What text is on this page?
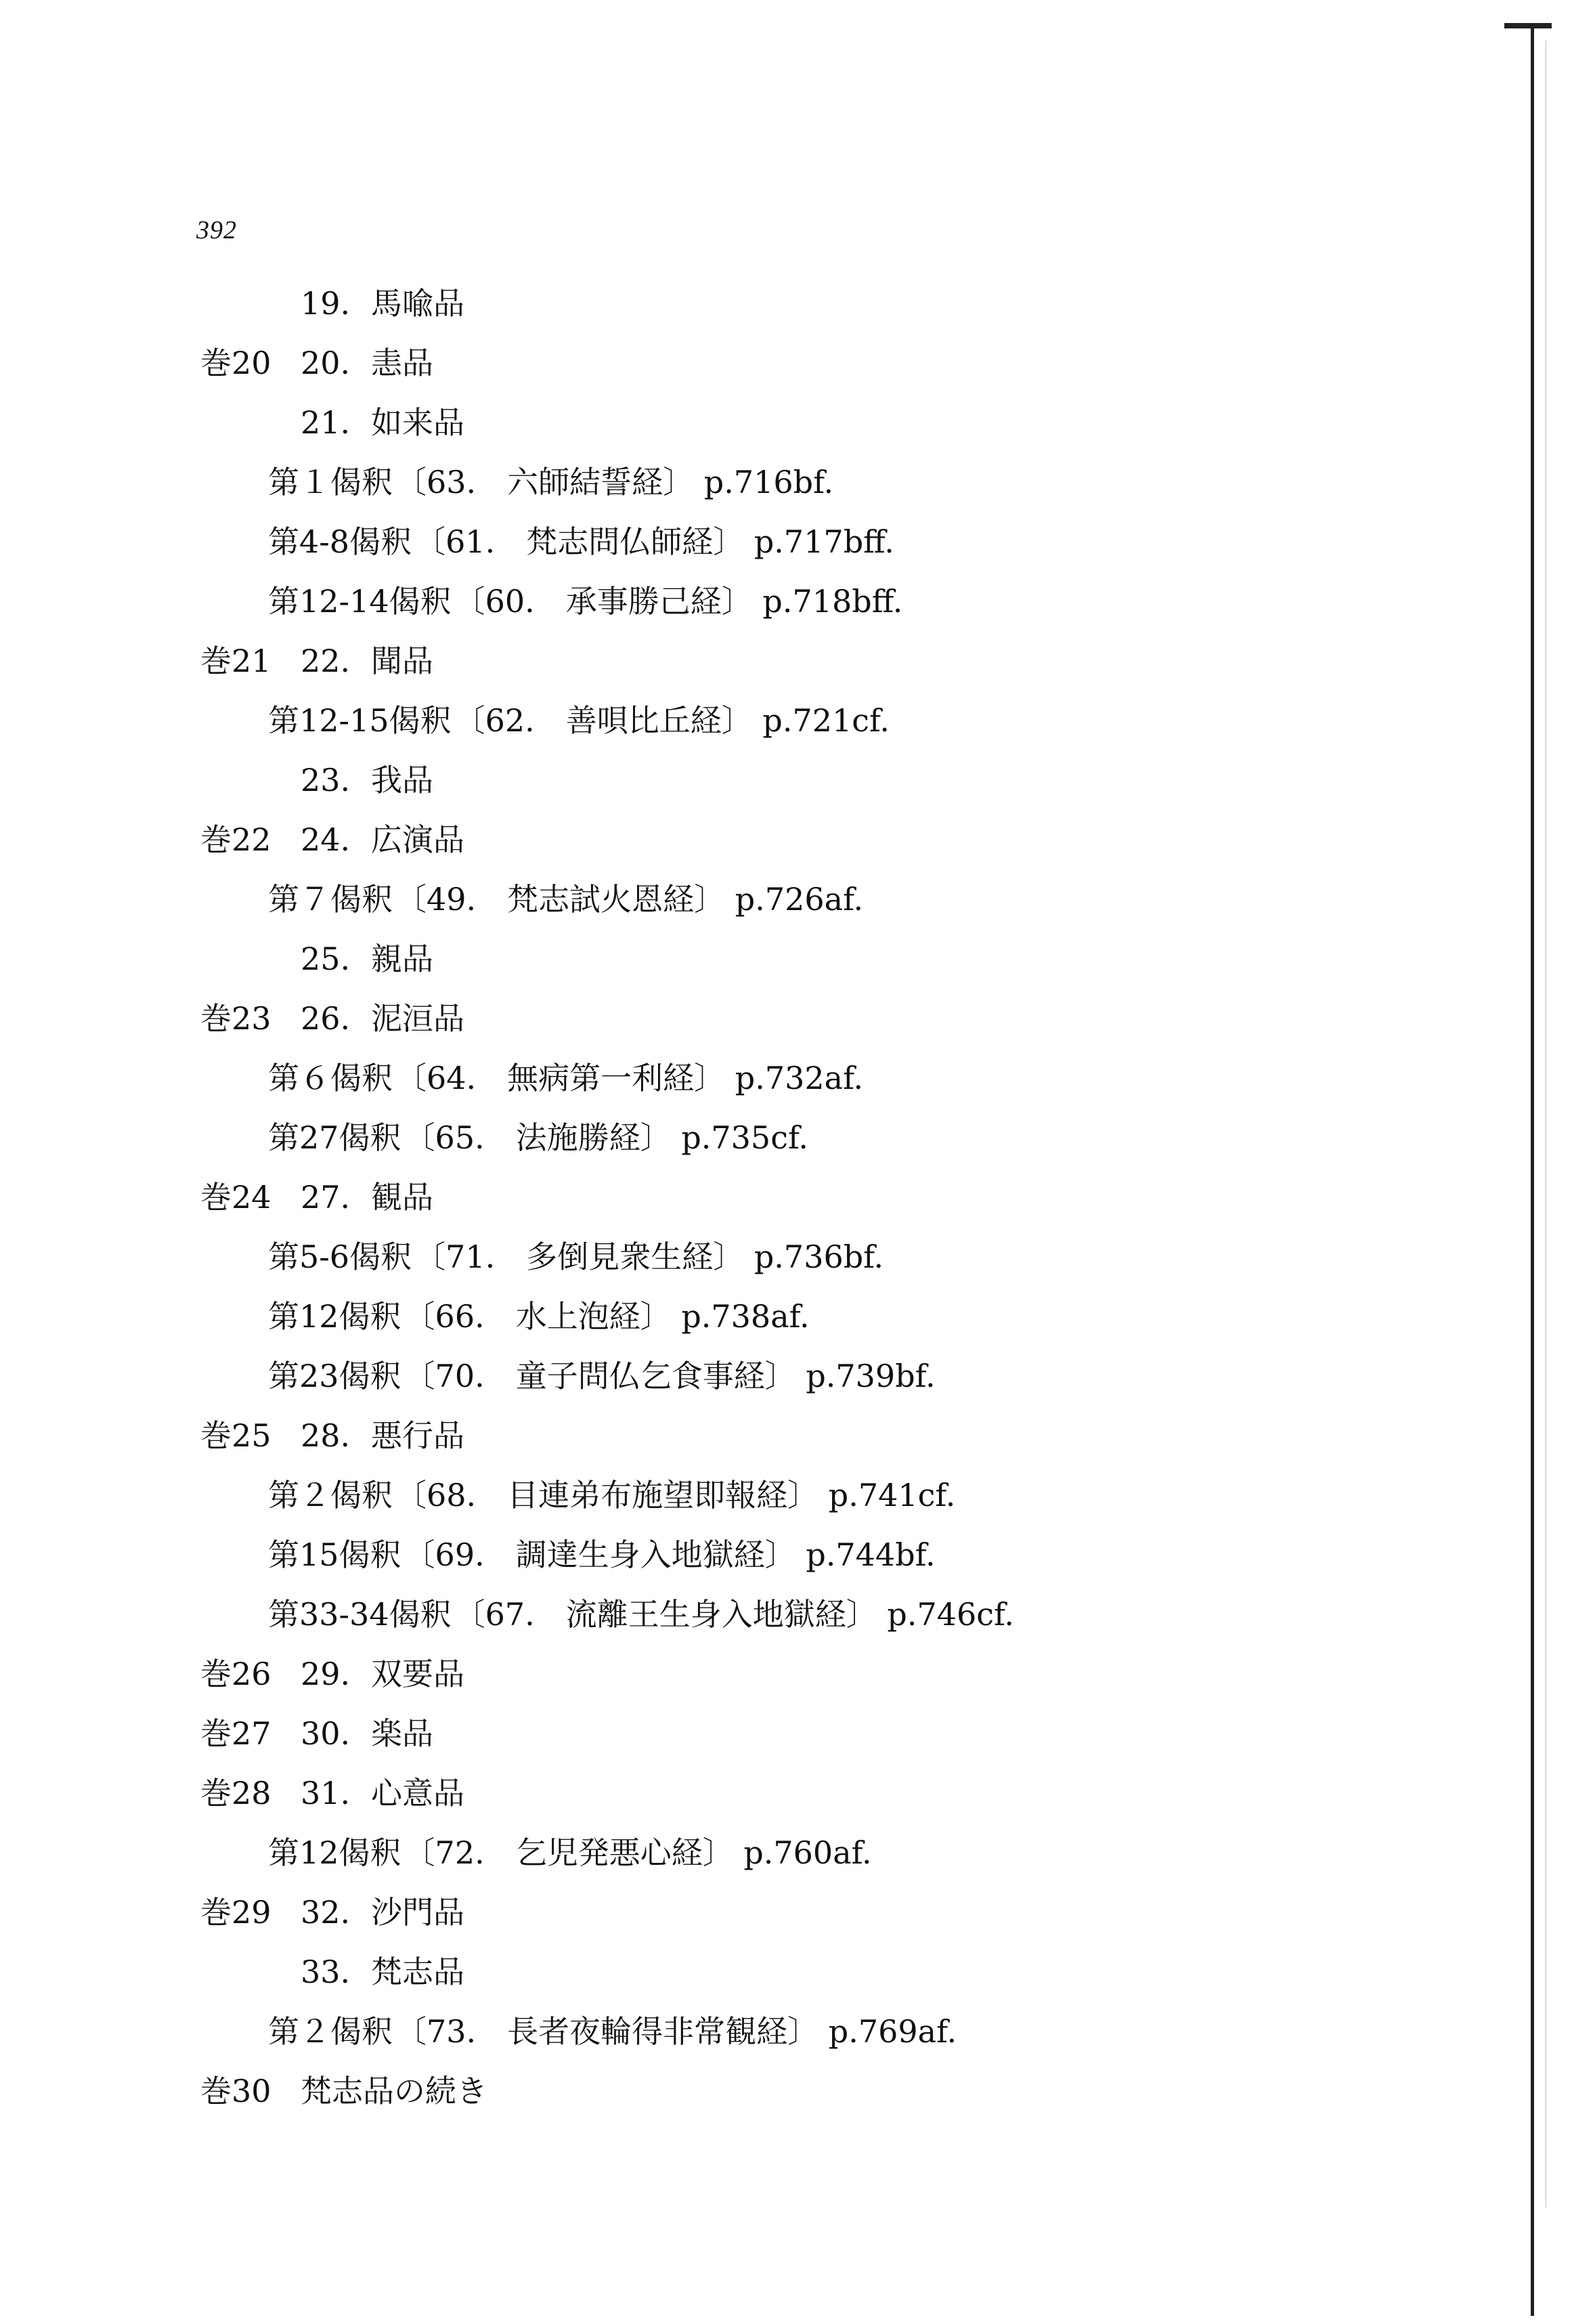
392
19. 馬喩品
巻20 20. 恚品
21. 如来品
第１偈釈 〔63.　六師結誓経〕 p.716bf.
第4-8偈釈 〔61.　梵志問仏師経〕 p.717bff.
第12-14偈釈 〔60.　承事勝己経〕 p.718bff.
巻21 22. 聞品
第12-15偈釈 〔62.　善唄比丘経〕 p.721cf.
23. 我品
巻22 24. 広演品
第７偈釈 〔49.　梵志試火恩経〕 p.726af.
25. 親品
巻23 26. 泥洹品
第６偈釈 〔64.　無病第一利経〕 p.732af.
第27偈釈 〔65.　法施勝経〕 p.735cf.
巻24 27. 観品
第5-6偈釈 〔71.　多倒見衆生経〕 p.736bf.
第12偈釈 〔66.　水上泡経〕 p.738af.
第23偈釈 〔70.　童子問仏乞食事経〕 p.739bf.
巻25 28. 悪行品
第２偈釈 〔68.　目連弟布施望即報経〕 p.741cf.
第15偈釈 〔69.　調達生身入地獄経〕 p.744bf.
第33-34偈釈 〔67.　流離王生身入地獄経〕 p.746cf.
巻26 29. 双要品
巻27 30. 楽品
巻28 31. 心意品
第12偈釈 〔72.　乞児発悪心経〕 p.760af.
巻29 32. 沙門品
33. 梵志品
第２偈釈 〔73.　長者夜輪得非常観経〕 p.769af.
巻30 梵志品の続き
